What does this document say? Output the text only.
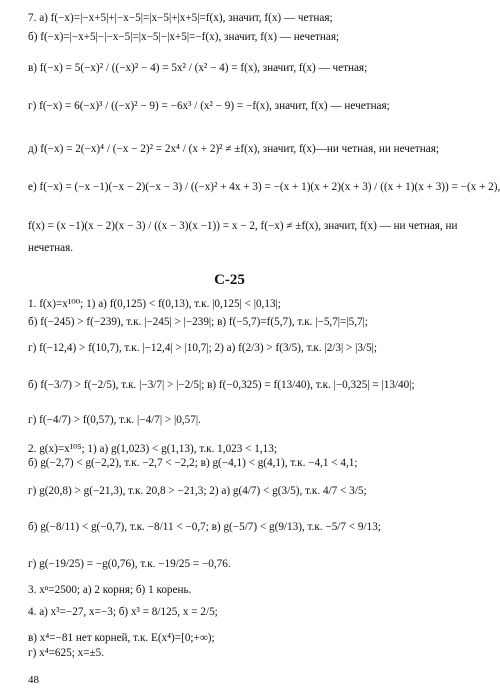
7. а) f(−x)=|−x+5|+|−x−5|=|x−5|+|x+5|=f(x), значит, f(x) — четная;
б) f(−x)=|−x+5|−|−x−5|=|x−5|−|x+5|=−f(x), значит, f(x) — нечетная;
в) f(−x) = 5(−x)² / ((−x)² − 4) = 5x² / (x² − 4) = f(x), значит, f(x) — четная;
г) f(−x) = 6(−x)³ / ((−x)² − 9) = −6x³ / (x² − 9) = −f(x), значит, f(x) — нечетная;
д) f(−x) = 2(−x)⁴ / (−x − 2)² = 2x⁴ / (x + 2)² ≠ ±f(x), значит, f(x)—ни четная, ни нечетная;
е) f(−x) = (−x −1)(−x − 2)(−x − 3) / ((−x)² + 4x + 3) = −(x + 1)(x + 2)(x + 3) / ((x + 1)(x + 3)) = −(x + 2),
f(x) = (x −1)(x − 2)(x − 3) / ((x − 3)(x −1)) = x − 2, f(−x) ≠ ±f(x), значит, f(x) — ни четная, ни
нечетная.
C-25
1. f(x)=x¹⁰⁰; 1) а) f(0,125) < f(0,13), т.к. |0,125| < |0,13|;
б) f(−245) > f(−239), т.к. |−245| > |−239|; в) f(−5,7)=f(5,7), т.к. |−5,7|=|5,7|;
г) f(−12,4) > f(10,7), т.к. |−12,4| > |10,7|; 2) а) f(2/3) > f(3/5), т.к. |2/3| > |3/5|;
б) f(−3/7) > f(−2/5), т.к. |−3/7| > |−2/5|; в) f(−0,325) = f(13/40), т.к. |−0,325| = |13/40|;
г) f(−4/7) > f(0,57), т.к. |−4/7| > |0,57|.
2. g(x)=x¹⁰⁵; 1) а) g(1,023) < g(1,13), т.к. 1,023 < 1,13;
б) g(−2,7) < g(−2,2), т.к. −2,7 < −2,2; в) g(−4,1) < g(4,1), т.к. −4,1 < 4,1;
г) g(20,8) > g(−21,3), т.к. 20,8 > −21,3; 2) а) g(4/7) < g(3/5), т.к. 4/7 < 3/5;
б) g(−8/11) < g(−0,7), т.к. −8/11 < −0,7; в) g(−5/7) < g(9/13), т.к. −5/7 < 9/13;
г) g(−19/25) = −g(0,76), т.к. −19/25 = −0,76.
3. xⁿ=2500; а) 2 корня; б) 1 корень.
4. а) x³=−27, x=−3; б) x³ = 8/125, x = 2/5;
в) x⁴=−81 нет корней, т.к. E(x⁴)=[0;+∞);
г) x⁴=625; x=±5.
48
